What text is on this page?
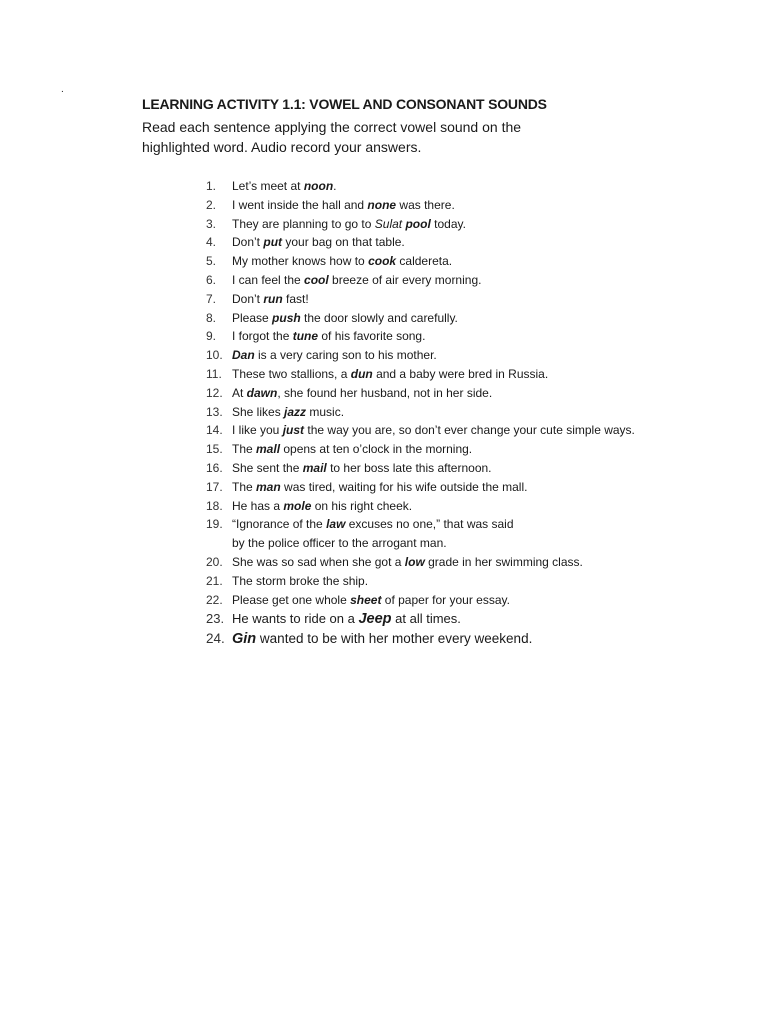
.
LEARNING ACTIVITY 1.1: VOWEL AND CONSONANT SOUNDS
Read each sentence applying the correct vowel sound on the highlighted word. Audio record your answers.
1.	Let’s meet at noon.
2.	I went inside the hall and none was there.
3.	They are planning to go to Sulat pool today.
4.	Don’t put your bag on that table.
5.	My mother knows how to cook caldereta.
6.	I can feel the cool breeze of air every morning.
7.	Don’t run fast!
8.	Please push the door slowly and carefully.
9.	I forgot the tune of his favorite song.
10. Dan is a very caring son to his mother.
11. These two stallions, a dun and a baby were bred in Russia.
12. At dawn, she found her husband, not in her side.
13. She likes jazz music.
14. I like you just the way you are, so don’t ever change your cute simple ways.
15. The mall opens at ten o’clock in the morning.
16. She sent the mail to her boss late this afternoon.
17. The man was tired, waiting for his wife outside the mall.
18. He has a mole on his right cheek.
19. “Ignorance of the law excuses no one,” that was said
by the police officer to the arrogant man.
20. She was so sad when she got a low grade in her swimming class.
21. The storm broke the ship.
22. Please get one whole sheet of paper for your essay.
23. He wants to ride on a Jeep at all times.
24. Gin wanted to be with her mother every weekend.
